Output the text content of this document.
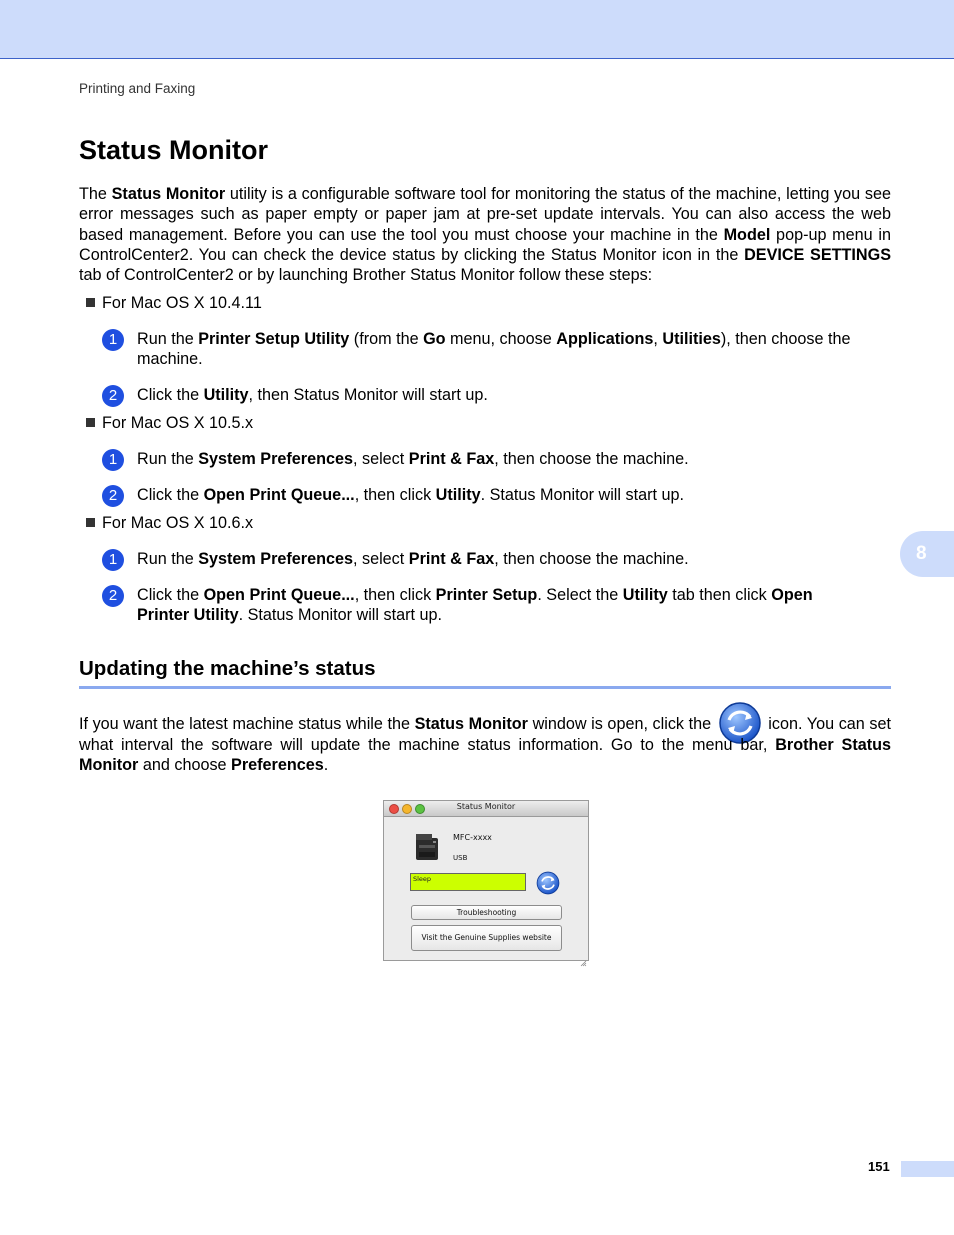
Printing and Faxing
Status Monitor

The Status Monitor utility is a configurable software tool for monitoring the status of the machine, letting you see error messages such as paper empty or paper jam at pre-set update intervals. You can also access the web based management. Before you can use the tool you must choose your machine in the Model pop-up menu in ControlCenter2. You can check the device status by clicking the Status Monitor icon in the DEVICE SETTINGS tab of ControlCenter2 or by launching Brother Status Monitor follow these steps:

For Mac OS X 10.4.11
1	Run the Printer Setup Utility (from the Go menu, choose Applications, Utilities), then choose the machine.
2	Click the Utility, then Status Monitor will start up.
For Mac OS X 10.5.x
1	Run the System Preferences, select Print & Fax, then choose the machine.
2	Click the Open Print Queue..., then click Utility. Status Monitor will start up.
For Mac OS X 10.6.x
1	Run the System Preferences, select Print & Fax, then choose the machine.
2	Click the Open Print Queue..., then click Printer Setup. Select the Utility tab then click Open Printer Utility. Status Monitor will start up.
Updating the machine’s status

If you want the latest machine status while the Status Monitor window is open, click the	icon. You can set what interval the software will update the machine status information. Go to the menu bar, Brother Status Monitor and choose Preferences.

Status Monitor
MFC-xxxx
USB
Sleep
Troubleshooting
Visit the Genuine Supplies website
8
151
